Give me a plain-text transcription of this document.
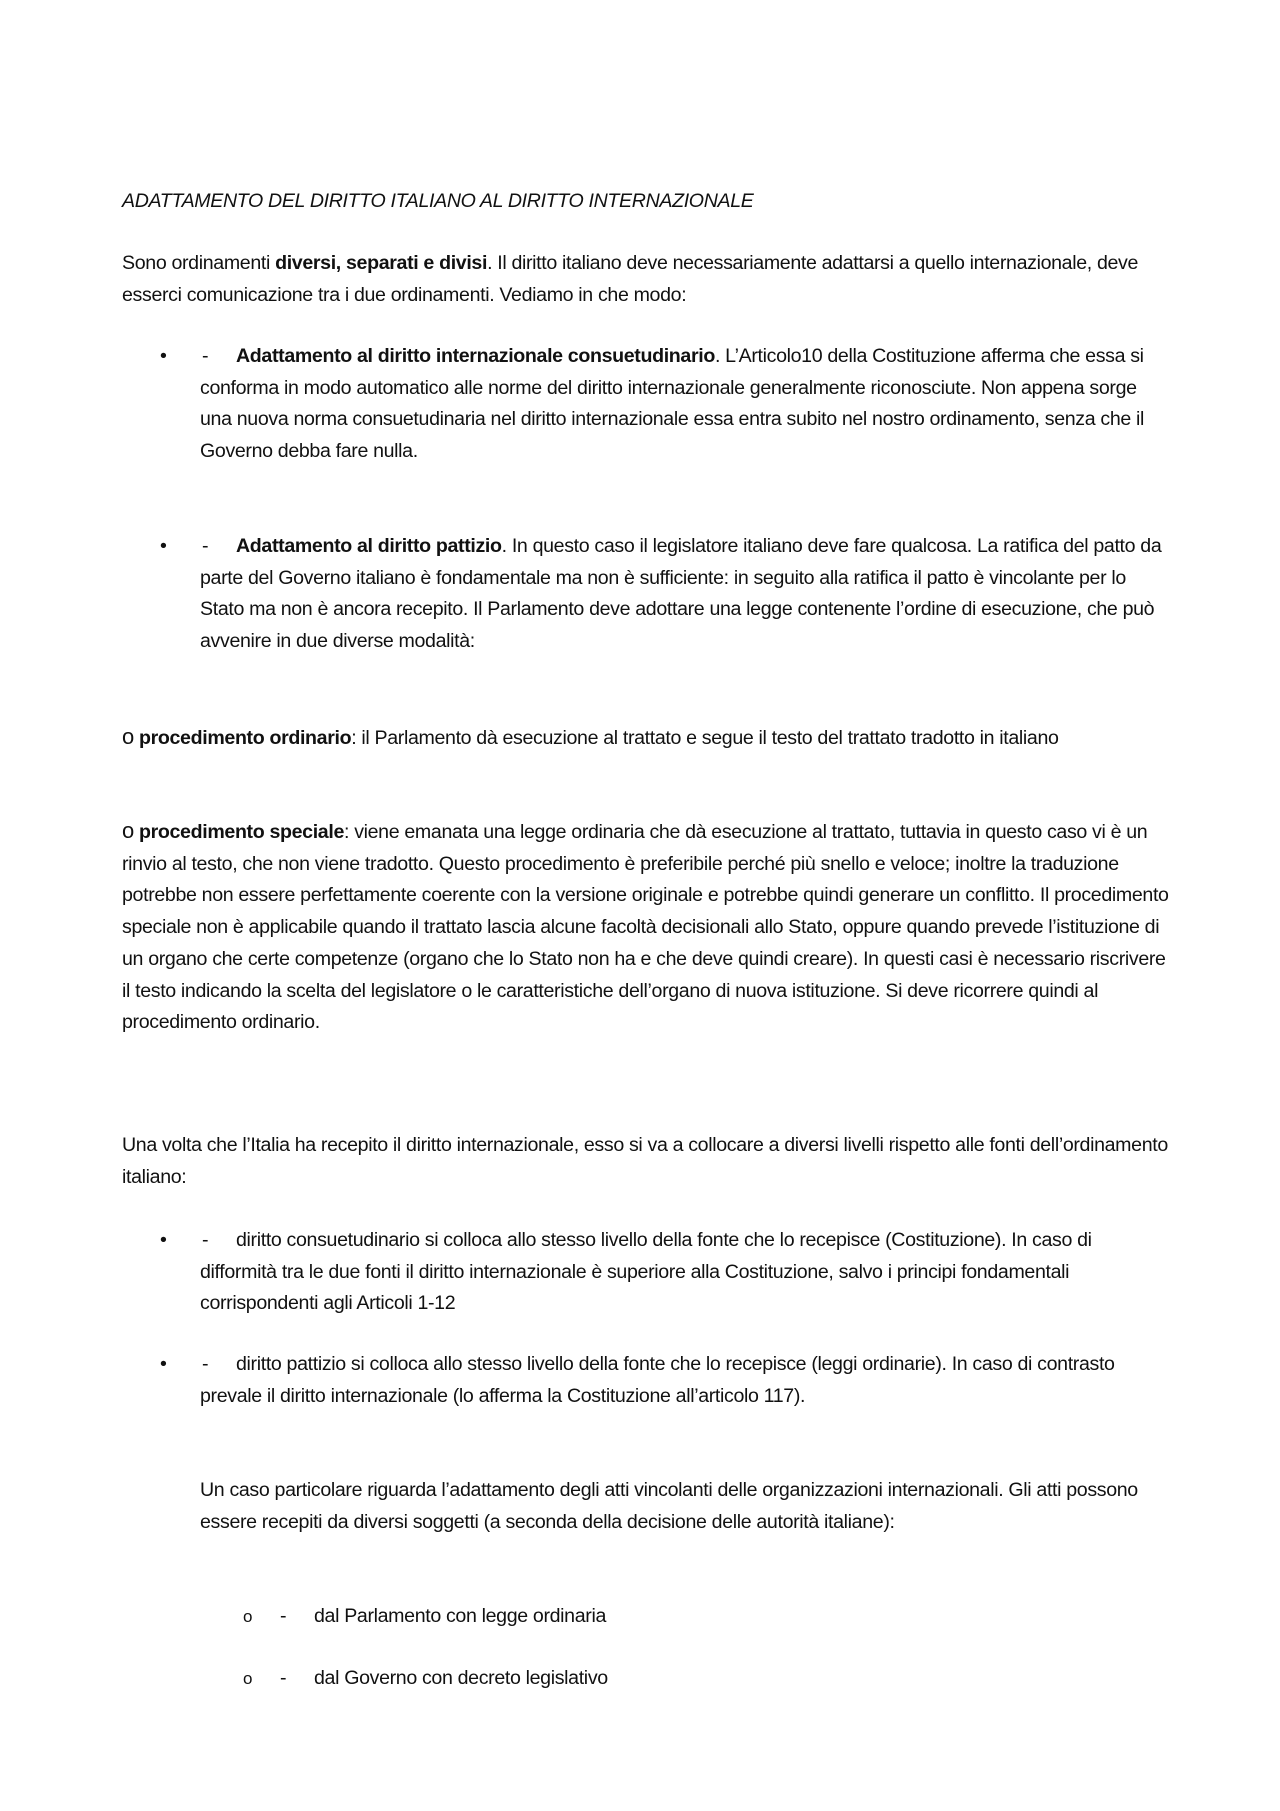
ADATTAMENTO DEL DIRITTO ITALIANO AL DIRITTO INTERNAZIONALE

Sono ordinamenti diversi, separati e divisi. Il diritto italiano deve necessariamente adattarsi a quello internazionale, deve esserci comunicazione tra i due ordinamenti. Vediamo in che modo:

• -	Adattamento al diritto internazionale consuetudinario. L’Articolo10 della Costituzione afferma che essa si conforma in modo automatico alle norme del diritto internazionale generalmente riconosciute. Non appena sorge una nuova norma consuetudinaria nel diritto internazionale essa entra subito nel nostro ordinamento, senza che il Governo debba fare nulla.

• -	Adattamento al diritto pattizio. In questo caso il legislatore italiano deve fare qualcosa. La ratifica del patto da parte del Governo italiano è fondamentale ma non è sufficiente: in seguito alla ratifica il patto è vincolante per lo Stato ma non è ancora recepito. Il Parlamento deve adottare una legge contenente l’ordine di esecuzione, che può avvenire in due diverse modalità:

o procedimento ordinario: il Parlamento dà esecuzione al trattato e segue il testo del trattato tradotto in italiano

o procedimento speciale: viene emanata una legge ordinaria che dà esecuzione al trattato, tuttavia in questo caso vi è un rinvio al testo, che non viene tradotto. Questo procedimento è preferibile perché più snello e veloce; inoltre la traduzione potrebbe non essere perfettamente coerente con la versione originale e potrebbe quindi generare un conflitto. Il procedimento speciale non è applicabile quando il trattato lascia alcune facoltà decisionali allo Stato, oppure quando prevede l’istituzione di un organo che certe competenze (organo che lo Stato non ha e che deve quindi creare). In questi casi è necessario riscrivere il testo indicando la scelta del legislatore o le caratteristiche dell’organo di nuova istituzione. Si deve ricorrere quindi al procedimento ordinario.

Una volta che l’Italia ha recepito il diritto internazionale, esso si va a collocare a diversi livelli rispetto alle fonti dell’ordinamento italiano:

• -	diritto consuetudinario si colloca allo stesso livello della fonte che lo recepisce (Costituzione). In caso di difformità tra le due fonti il diritto internazionale è superiore alla Costituzione, salvo i principi fondamentali corrispondenti agli Articoli 1-12

• -	diritto pattizio si colloca allo stesso livello della fonte che lo recepisce (leggi ordinarie). In caso di contrasto prevale il diritto internazionale (lo afferma la Costituzione all’articolo 117).

Un caso particolare riguarda l’adattamento degli atti vincolanti delle organizzazioni internazionali. Gli atti possono essere recepiti da diversi soggetti (a seconda della decisione delle autorità italiane):

o - dal Parlamento con legge ordinaria

o - dal Governo con decreto legislativo
